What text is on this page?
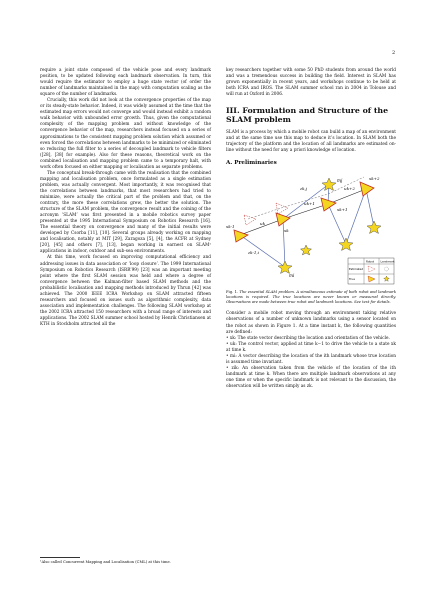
2

require a joint state composed of the vehicle pose and every landmark position, to be updated following each landmark observation. In turn, this would require the estimator to employ a huge state vector (of order the number of landmarks maintained in the map) with computation scaling as the square of the number of landmarks.

Crucially, this work did not look at the convergence properties of the map or its steady-state behavior. Indeed, it was widely assumed at the time that the estimated map errors would not converge and would instead exhibit a random walk behavior with unbounded error growth. Thus, given the computational complexity of the mapping problem and without knowledge of the convergence behavior of the map, researchers instead focused on a series of approximations to the consistent mapping problem solution which assumed or even forced the correlations between landmarks to be minimized or eliminated so reducing the full filter to a series of decoupled landmark to vehicle filters ([28], [38] for example). Also for these reasons, theoretical work on the combined localisation and mapping problem came to a temporary halt, with work often focused on either mapping or localisation as separate problems.

The conceptual break-through came with the realisation that the combined mapping and localisation problem, once formulated as a single estimation problem, was actually convergent. Most importantly, it was recognised that the correlations between landmarks, that most researchers had tried to minimize, were actually the critical part of the problem and that, on the contrary, the more these correlations grew, the better the solution. The structure of the SLAM problem, the convergence result and the coining of the acronym ‘SLAM’ was first presented in a mobile robotics survey paper presented at the 1995 International Symposium on Robotics Research [16]. The essential theory on convergence and many of the initial results were developed by Csorba [11], [10]. Several groups already working on mapping and localisation, notably at MIT [29], Zaragoza [5], [4], the ACFR at Sydney [20], [45] and others [7], [13], began working in earnest on SLAM¹ applications in indoor, outdoor and sub-sea environments.

At this time, work focused on improving computational efficiency and addressing issues in data association or ‘loop closure’. The 1999 International Symposium on Robotics Research (ISRR’99) [23] was an important meeting point where the first SLAM session was held and where a degree of convergence between the Kalman-filter based SLAM methods and the probabilistic localisation and mapping methods introduced by Thrun [42] was achieved. The 2000 IEEE ICRA Workshop on SLAM attracted fifteen researchers and focused on issues such as algorithmic complexity, data association and implementation challenges. The following SLAM workshop at the 2002 ICRA attracted 150 researchers with a broad range of interests and applications. The 2002 SLAM summer school hosted by Henrik Christiansen at KTH in Stockholm attracted all the

¹Also called Concurrent Mapping and Localisation (CML) at this time.

key researchers together with some 50 PhD students from around the world and was a tremendous success in building the field. Interest in SLAM has grown exponentially in recent years, and workshops continue to be held at both ICRA and IROS. The SLAM summer school ran in 2004 in Tolouse and will run at Oxford in 2006.

III. Formulation and Structure of the SLAM problem

SLAM is a process by which a mobile robot can build a map of an environment and at the same time use this map to deduce it’s location. In SLAM both the trajectory of the platform and the location of all landmarks are estimated on-line without the need for any a priori knowledge of location.

A. Preliminaries
mj
mi
xk-1
xk
xk+1
xk+2
uk
uk+1
uk+2
zk-1,i
zk,j
Robot	Landmark
Estimated
True
Fig. 1. The essential SLAM problem. A simultaneous estimate of both robot and landmark locations is required. The true locations are never known or measured directly. Observations are made between true robot and landmark locations. See text for details.

Consider a mobile robot moving through an environment taking relative observations of a number of unknown landmarks using a sensor located on the robot as shown in Figure 1. At a time instant k, the following quantities are defined:

• xk: The state vector describing the location and orientation of the vehicle.

• uk: The control vector, applied at time k−1 to drive the vehicle to a state xk at time k.

• mi: A vector describing the location of the ith landmark whose true location is assumed time invariant.

• zik: An observation taken from the vehicle of the location of the ith landmark at time k. When there are multiple landmark observations at any one time or when the specific landmark is not relevant to the discussion, the observation will be written simply as zk.
